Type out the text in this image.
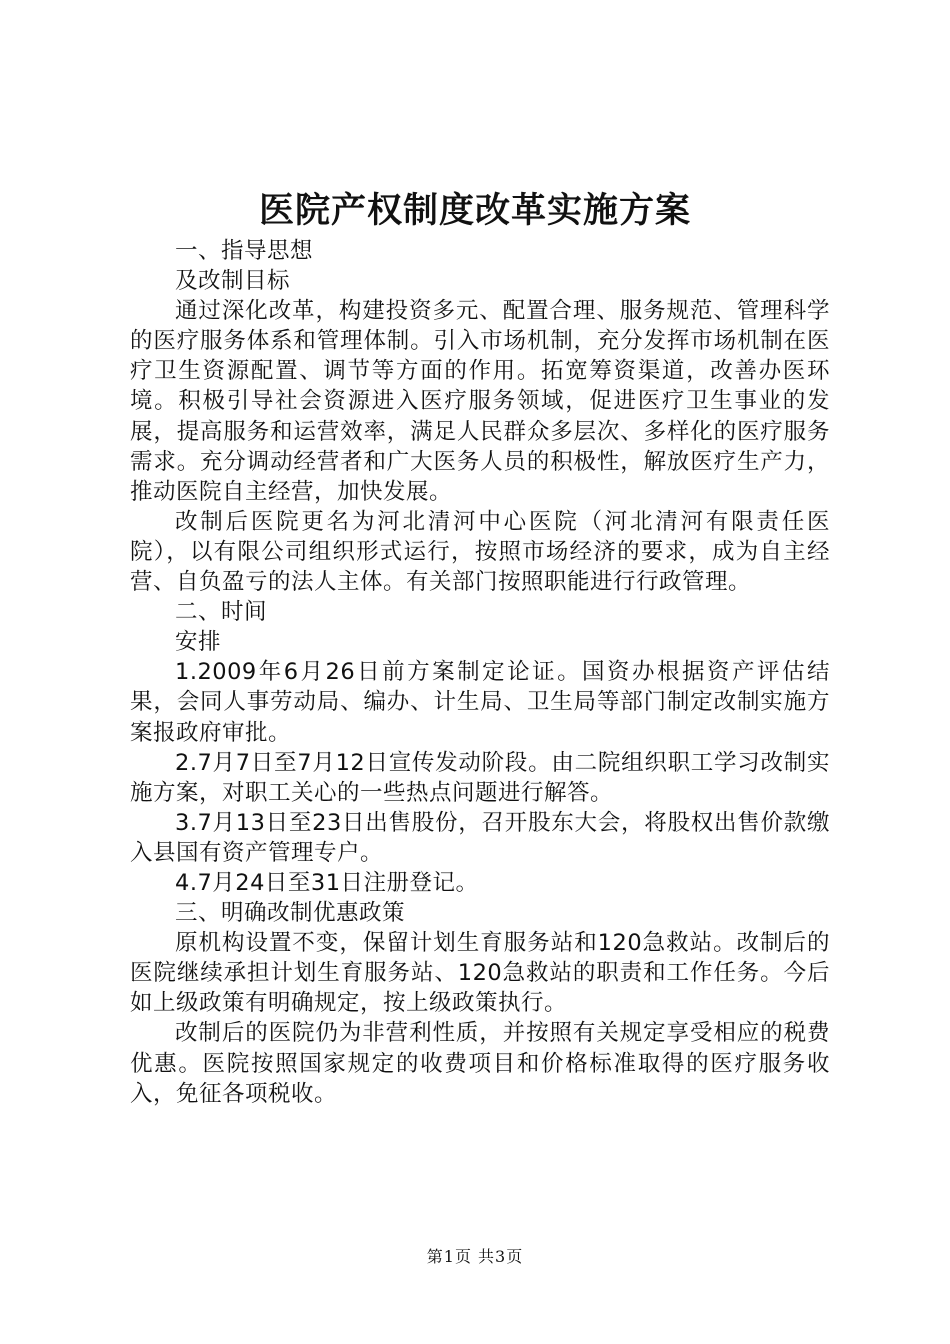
医院产权制度改革实施方案

一、指导思想

及改制目标

通过深化改革，构建投资多元、配置合理、服务规范、管理科学的医疗服务体系和管理体制。引入市场机制，充分发挥市场机制在医疗卫生资源配置、调节等方面的作用。拓宽筹资渠道，改善办医环境。积极引导社会资源进入医疗服务领域，促进医疗卫生事业的发展，提高服务和运营效率，满足人民群众多层次、多样化的医疗服务需求。充分调动经营者和广大医务人员的积极性，解放医疗生产力，推动医院自主经营，加快发展。

改制后医院更名为河北清河中心医院（河北清河有限责任医院），以有限公司组织形式运行，按照市场经济的要求，成为自主经营、自负盈亏的法人主体。有关部门按照职能进行行政管理。

二、时间

安排

1.2009年6月26日前方案制定论证。国资办根据资产评估结果，会同人事劳动局、编办、计生局、卫生局等部门制定改制实施方案报政府审批。

2.7月7日至7月12日宣传发动阶段。由二院组织职工学习改制实施方案，对职工关心的一些热点问题进行解答。

3.7月13日至23日出售股份，召开股东大会，将股权出售价款缴入县国有资产管理专户。

4.7月24日至31日注册登记。

三、明确改制优惠政策

原机构设置不变，保留计划生育服务站和120急救站。改制后的医院继续承担计划生育服务站、120急救站的职责和工作任务。今后如上级政策有明确规定，按上级政策执行。

改制后的医院仍为非营利性质，并按照有关规定享受相应的税费优惠。医院按照国家规定的收费项目和价格标准取得的医疗服务收入，免征各项税收。

第1页 共3页
